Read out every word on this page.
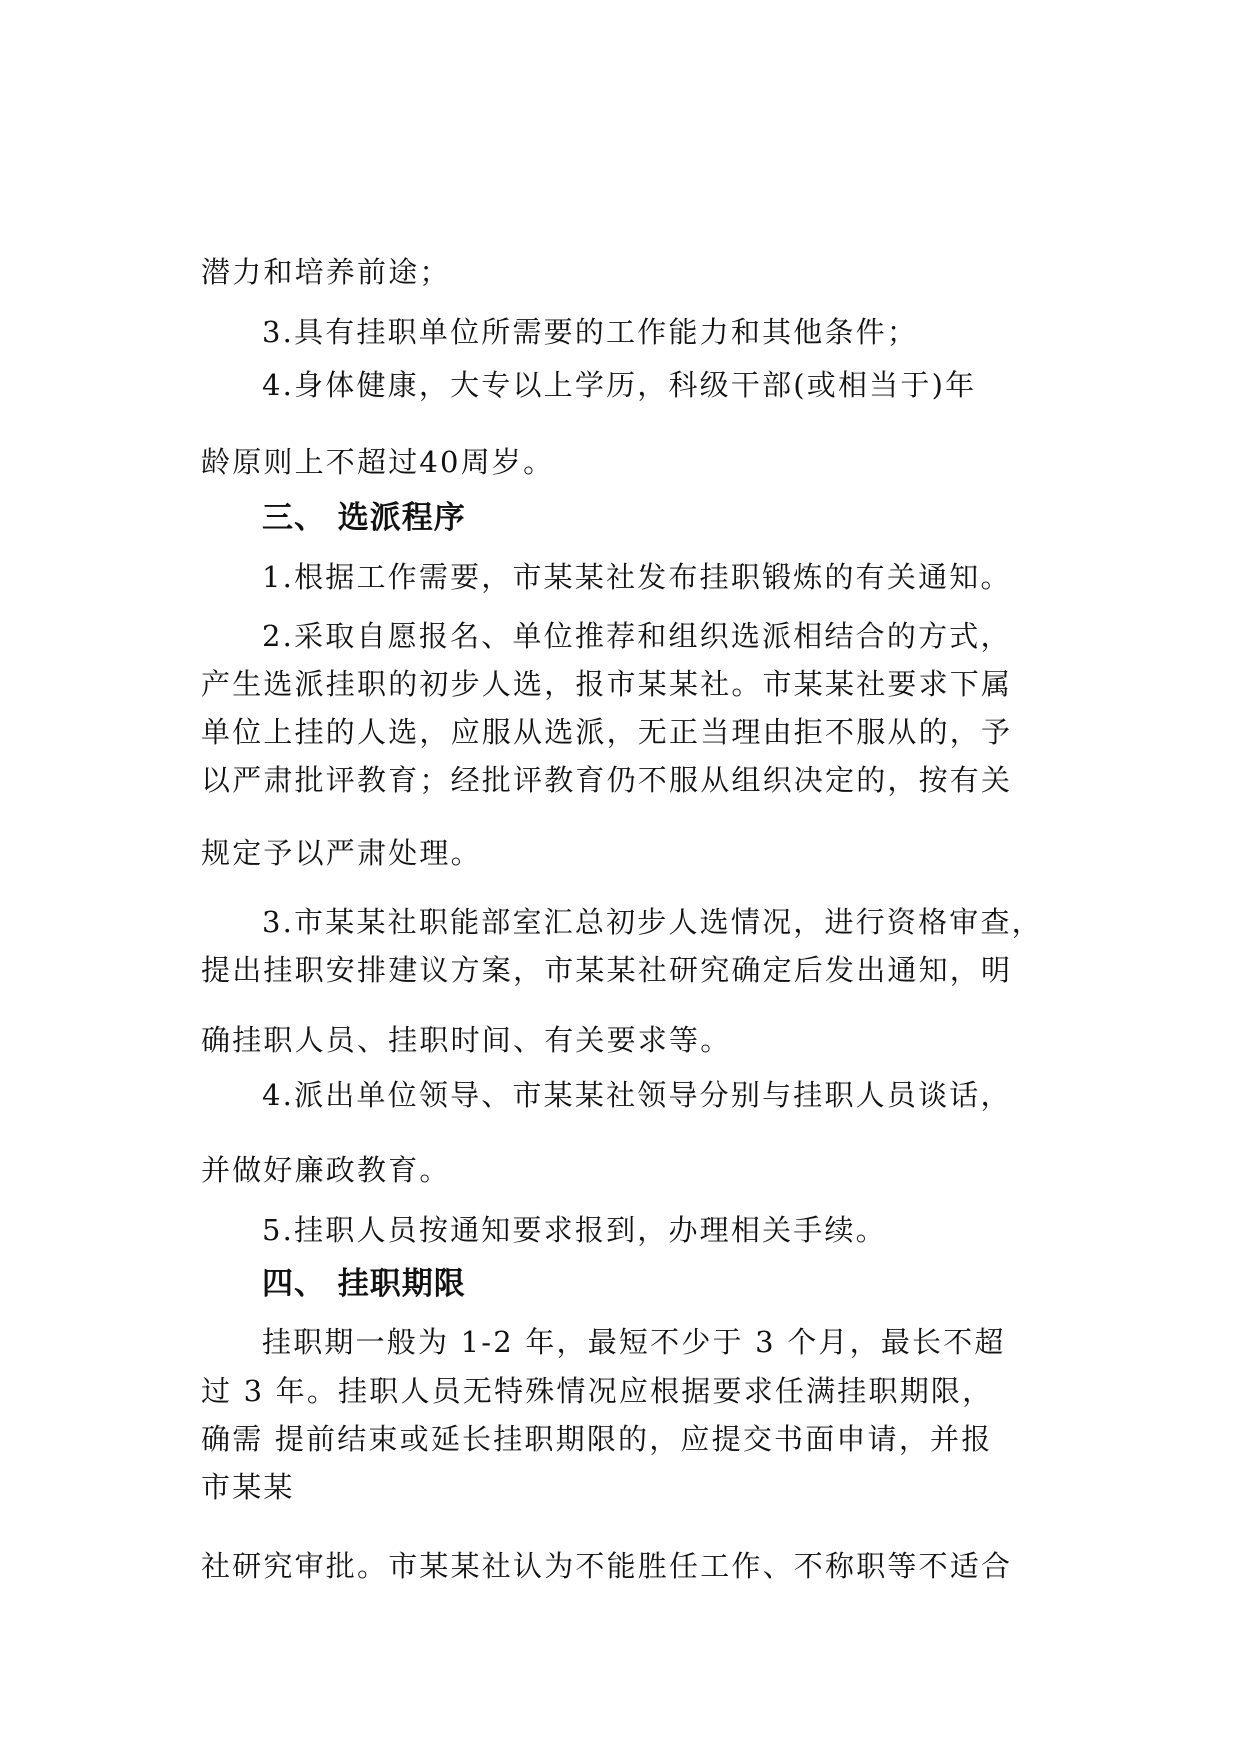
潜力和培养前途；

3.具有挂职单位所需要的工作能力和其他条件；

4.身体健康，大专以上学历，科级干部(或相当于)年

龄原则上不超过40周岁。

三、 选派程序

1.根据工作需要，市某某社发布挂职锻炼的有关通知。

2.采取自愿报名、单位推荐和组织选派相结合的方式，

产生选派挂职的初步人选，报市某某社。市某某社要求下属

单位上挂的人选，应服从选派，无正当理由拒不服从的，予

以严肃批评教育；经批评教育仍不服从组织决定的，按有关

规定予以严肃处理。

3.市某某社职能部室汇总初步人选情况，进行资格审查，

提出挂职安排建议方案，市某某社研究确定后发出通知，明

确挂职人员、挂职时间、有关要求等。

4.派出单位领导、市某某社领导分别与挂职人员谈话，

并做好廉政教育。

5.挂职人员按通知要求报到，办理相关手续。

四、 挂职期限

挂职期一般为 1-2 年，最短不少于 3 个月，最长不超

过 3 年。挂职人员无特殊情况应根据要求任满挂职期限，

确需 提前结束或延长挂职期限的，应提交书面申请，并报

市某某

社研究审批。市某某社认为不能胜任工作、不称职等不适合
